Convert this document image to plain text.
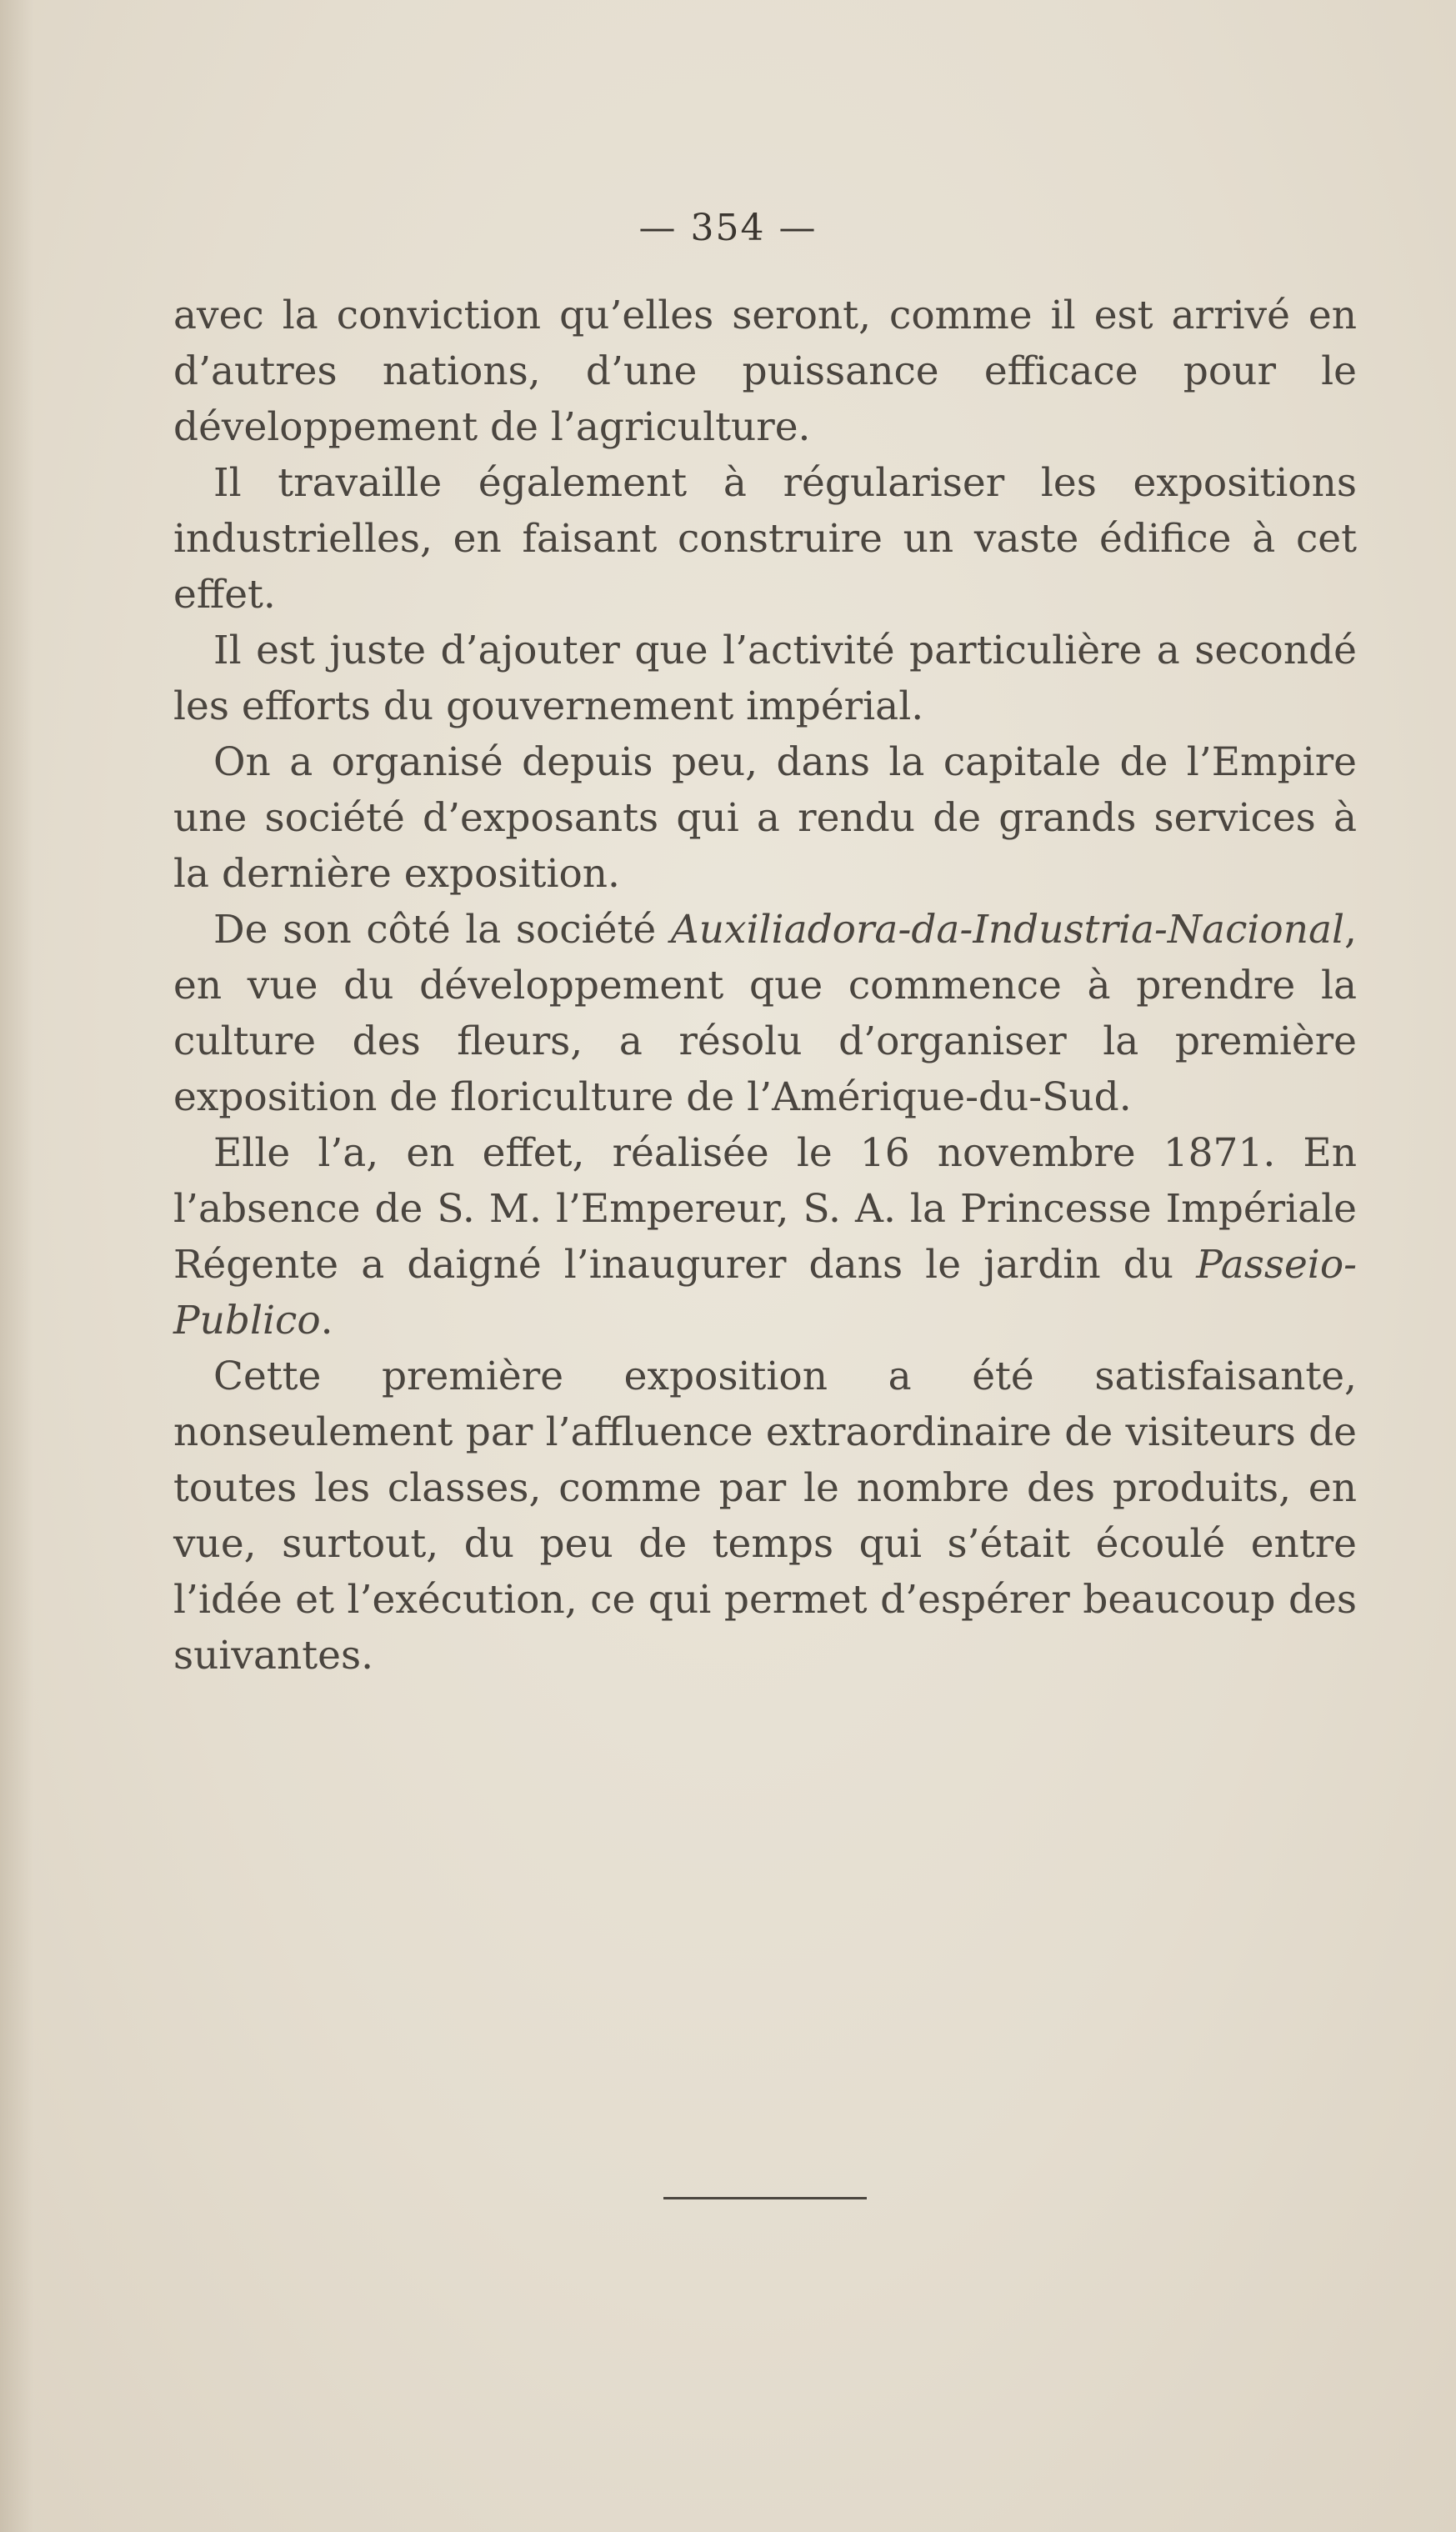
— 354 —

avec la conviction qu’elles seront, comme il est arrivé en d’autres nations, d’une puissance efficace pour le développement de l’agriculture.

Il travaille également à régulariser les expositions industrielles, en faisant construire un vaste édifice à cet effet.

Il est juste d’ajouter que l’activité particulière a secondé les efforts du gouvernement impérial.

On a organisé depuis peu, dans la capitale de l’Empire une société d’exposants qui a rendu de grands services à la dernière exposition.

De son côté la société Auxiliadora-da-Industria-Nacional, en vue du développement que commence à prendre la culture des fleurs, a résolu d’organiser la première exposition de floriculture de l’Amérique-du-Sud.

Elle l’a, en effet, réalisée le 16 novembre 1871. En l’absence de S. M. l’Empereur, S. A. la Princesse Impériale Régente a daigné l’inaugurer dans le jardin du Passeio-Publico.

Cette première exposition a été satisfaisante, nonseulement par l’affluence extraordinaire de visiteurs de toutes les classes, comme par le nombre des produits, en vue, surtout, du peu de temps qui s’était écoulé entre l’idée et l’exécution, ce qui permet d’espérer beaucoup des suivantes.
